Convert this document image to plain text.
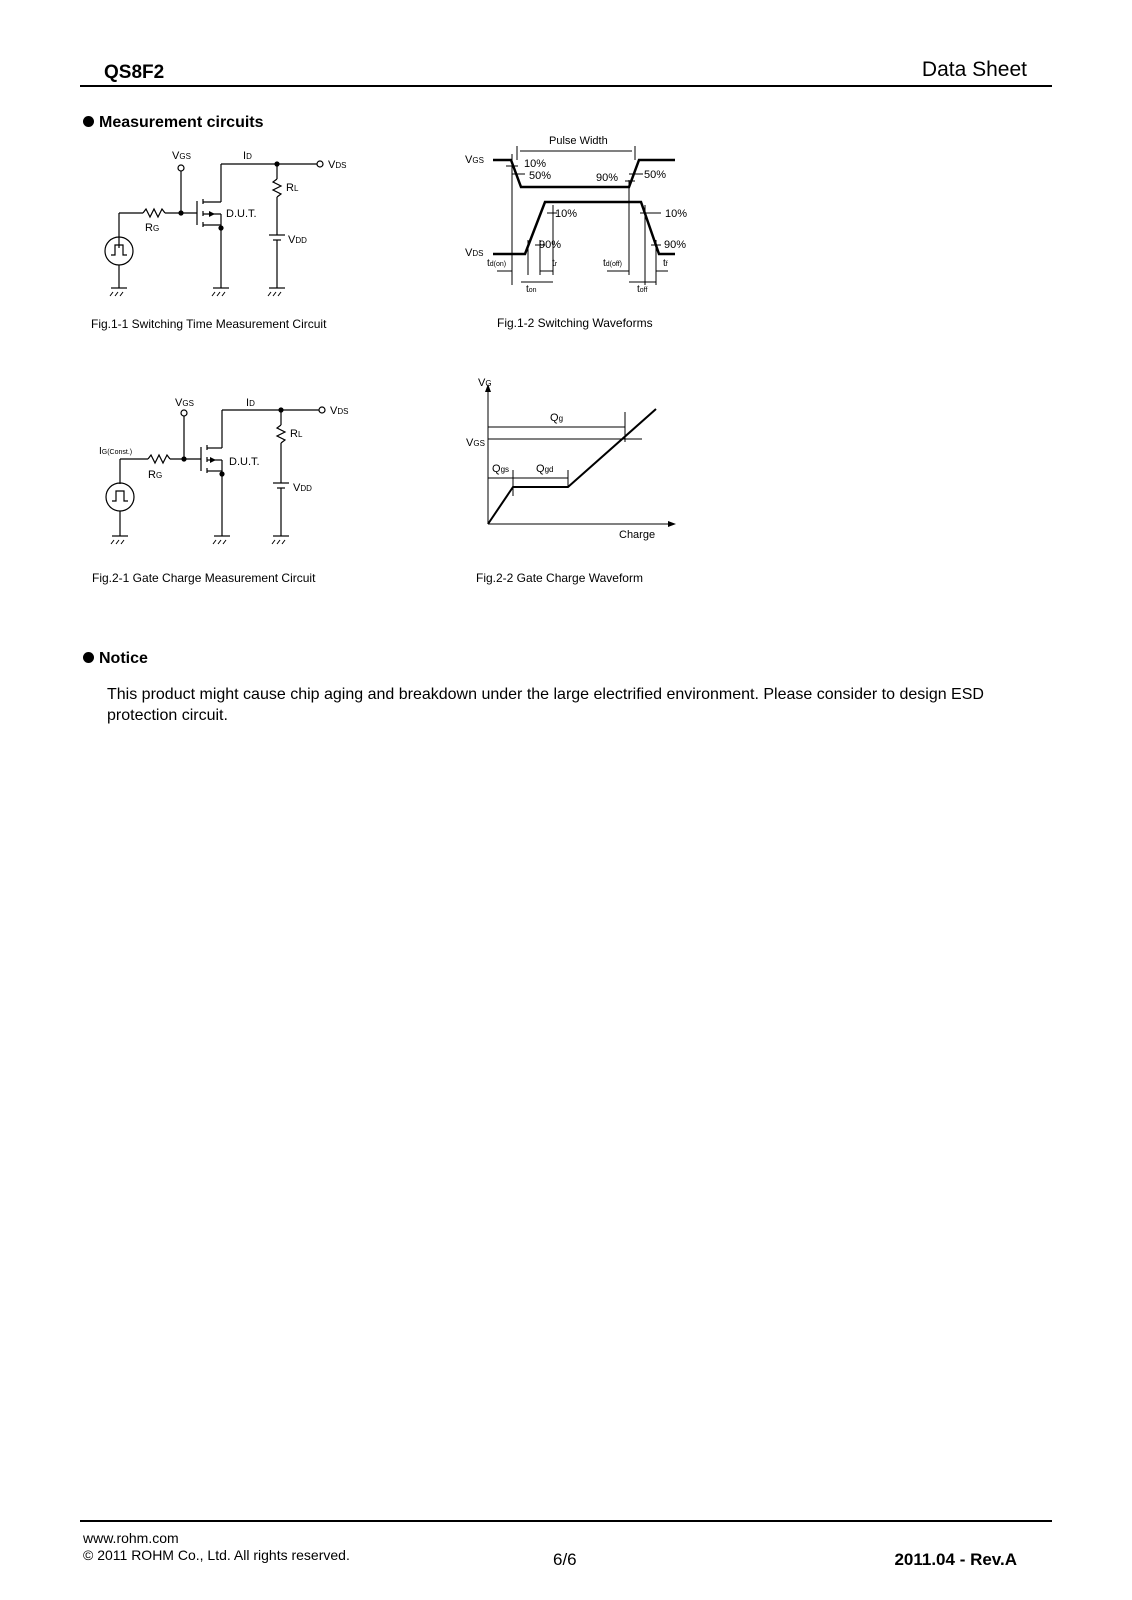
QS8F2	Data Sheet
Measurement circuits
VGS	ID
VDS
RL
D.U.T.
RG
VDD
Fig.1-1 Switching Time Measurement Circuit
VGS
VDS
Pulse Width
10%
50%	90% 50%
10%	10%
90%	90%
td(on)	tr	td(off)	tf
ton	toff
Fig.1-2 Switching Waveforms
VGS	ID
VDS
RL
IG(Const.)
D.U.T.
RG
VDD
Fig.2-1 Gate Charge Measurement Circuit
VG
VGS
Qg
Qgs Qgd
Charge
Fig.2-2 Gate Charge Waveform
Notice
This product might cause chip aging and breakdown under the large electrified environment. Please consider to design ESD protection circuit.
www.rohm.com
© 2011 ROHM Co., Ltd. All rights reserved.	6/6	2011.04 - Rev.A
